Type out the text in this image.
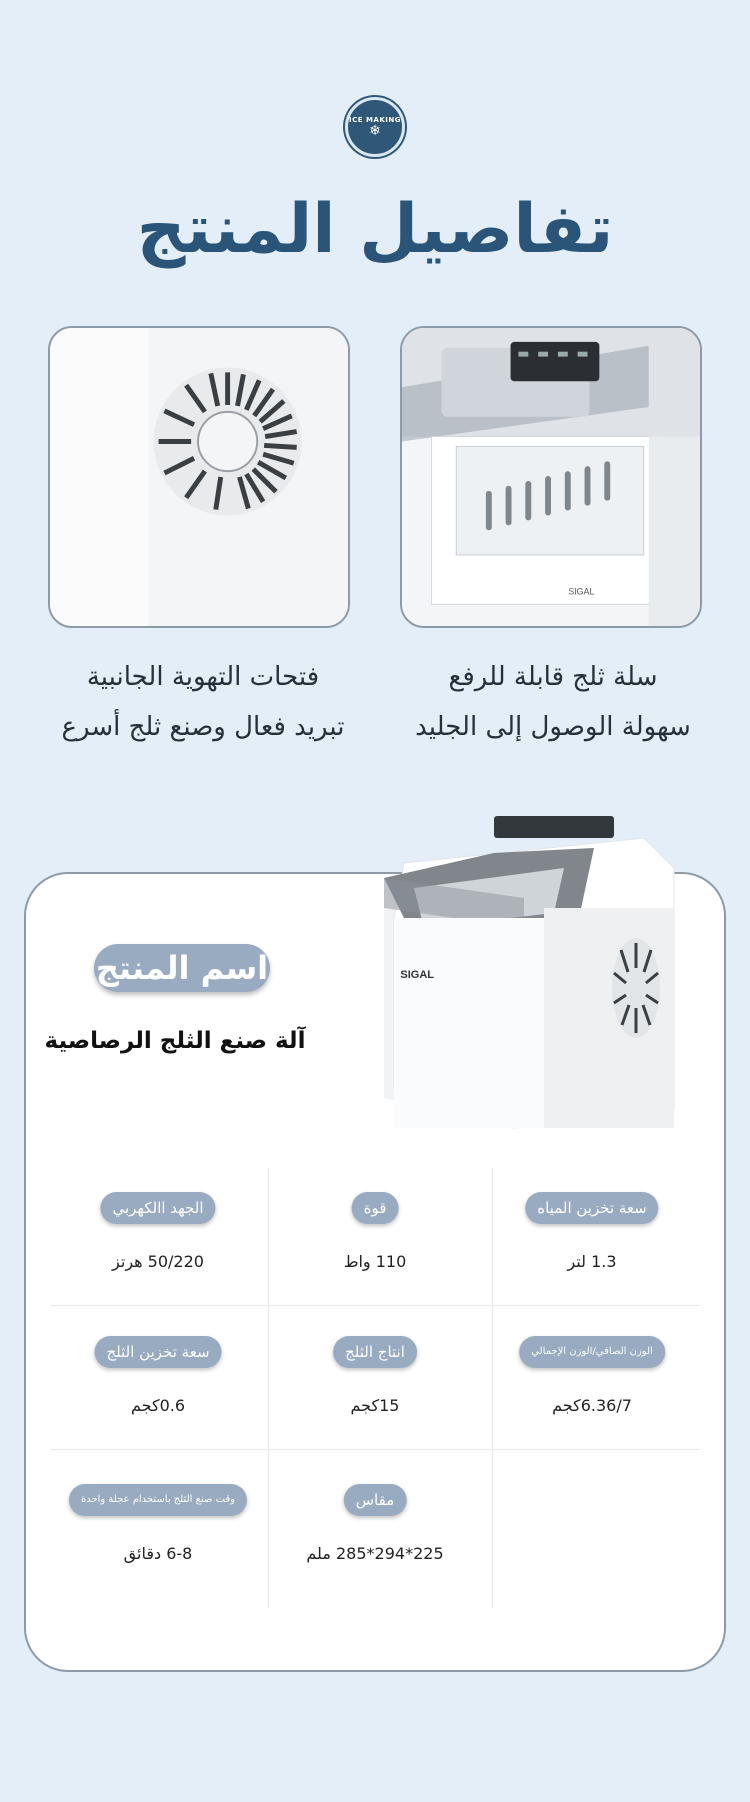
ICE MAKING
❄
تفاصيل المنتج
SIGAL
سلة ثلج قابلة للرفع
سهولة الوصول إلى الجليد
فتحات التهوية الجانبية
تبريد فعال وصنع ثلج أسرع
SIGAL
اسم المنتج
آلة صنع الثلج الرصاصية
سعة تخزين المياه
1.3 لتر
قوة
110 واط
الجهد االكهربي
50/220 هرتز
الوزن الصافي/الوزن الإجمالي
6.36/7كجم
انتاج الثلج
15كجم
سعة تخزين الثلج
0.6كجم
مقاس
225*294*285 ملم
وقت صنع الثلج باستخدام عجلة واحدة
6-8 دقائق
